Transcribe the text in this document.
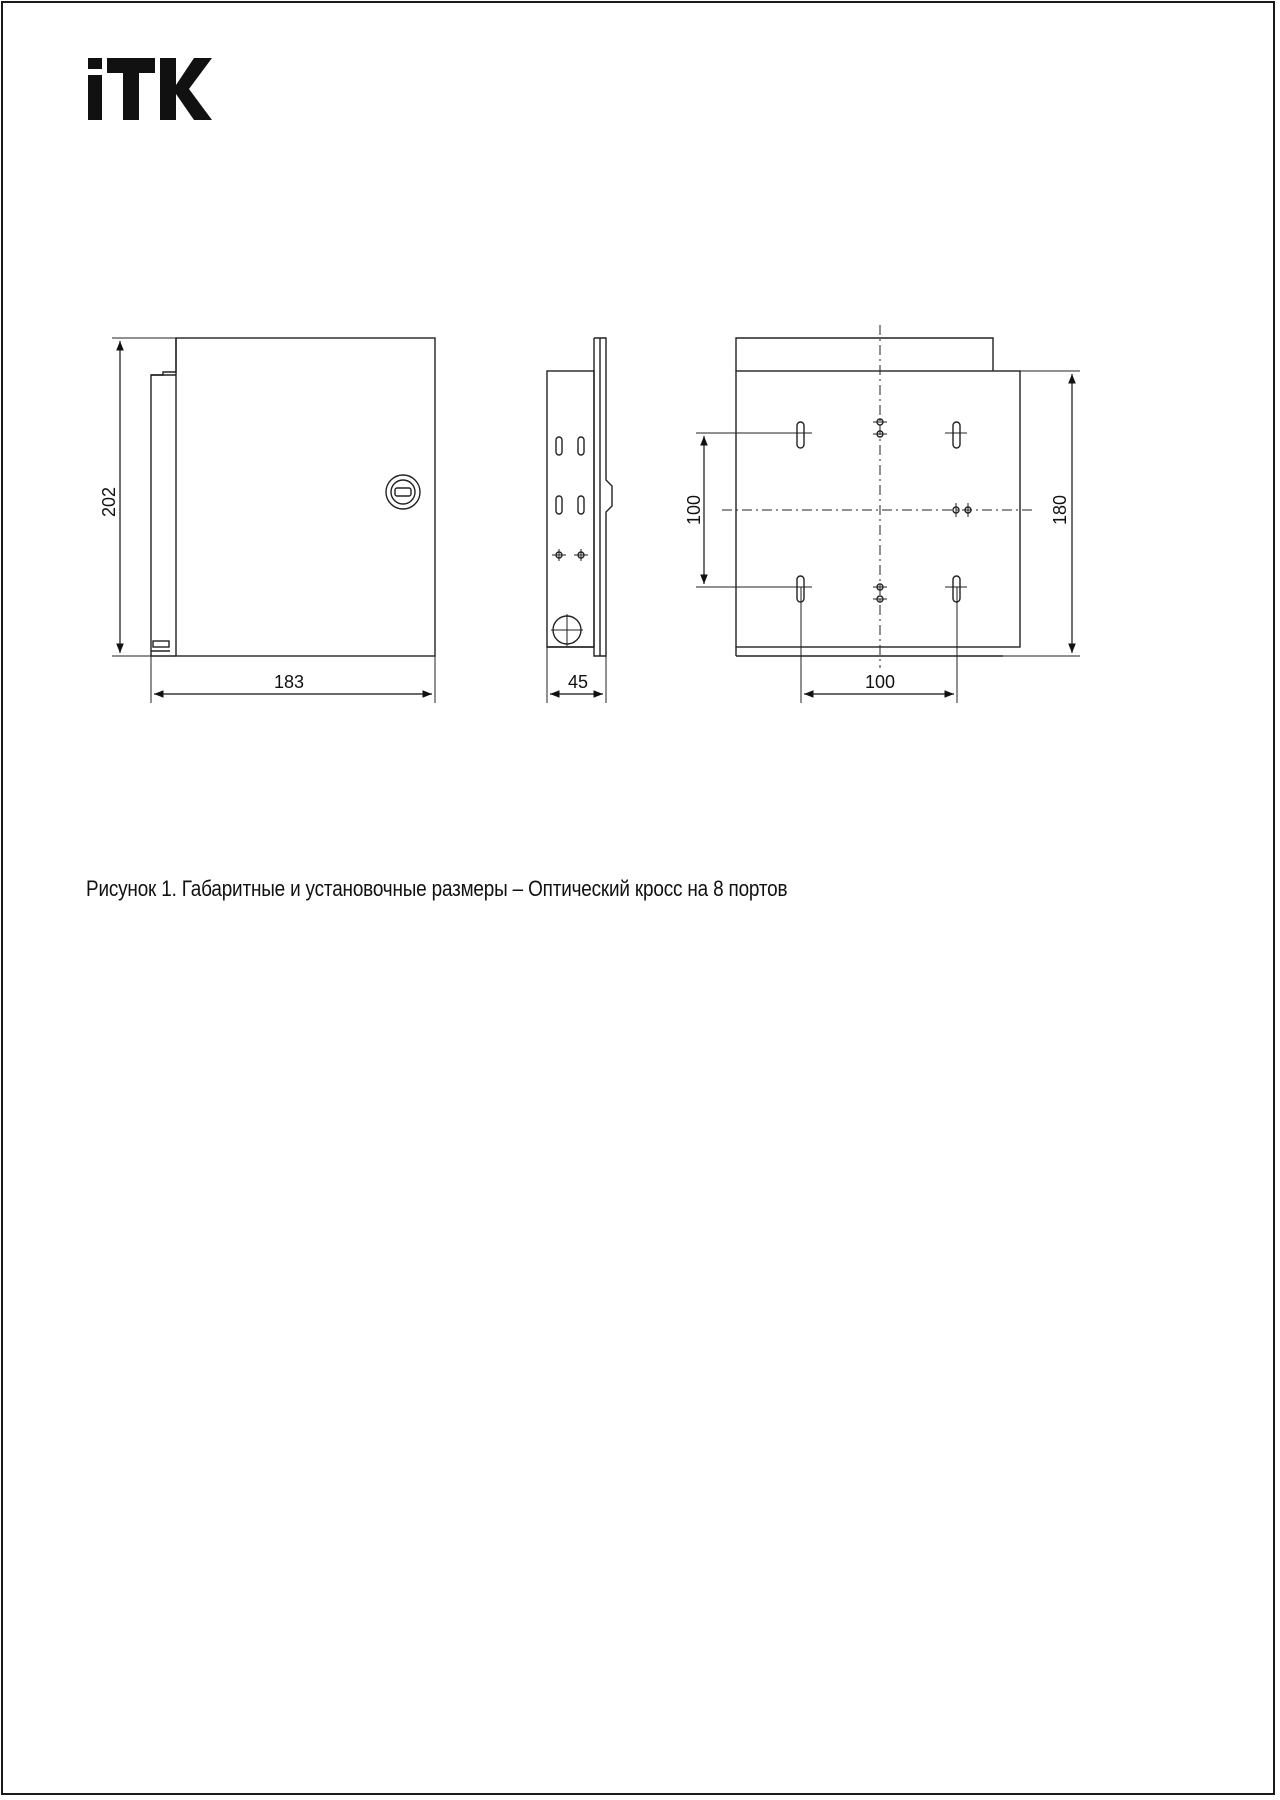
202
183	45
100	180
100
Рисунок 1. Габаритные и установочные размеры – Оптический кросс на 8 портов
